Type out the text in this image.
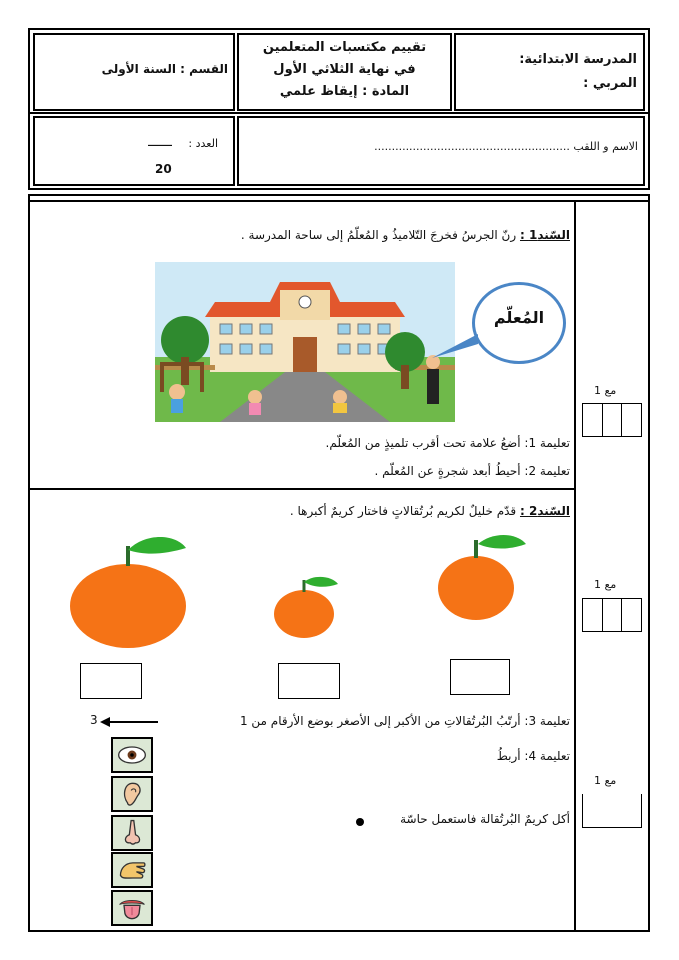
المدرسة الابتدائية:
المربي :
تقييم مكتسبات المتعلمين
في نهاية الثلاثي الأول
المادة : إيقاظ علمي
القسم : السنة الأولى
الاسم و اللقب ........................................................
العدد :
____
20
السّند1 : رنّ الجرسُ فخرجَ التّلاميذُ و المُعلّمُ إلى ساحة المدرسة .
المُعلّم
تعليمة 1: أضعُ علامة تحت أقرب تلميذٍ من المُعلّم.
تعليمة 2: أحيطُ أبعد شجرةٍ عن المُعلّم .
مع 1
السّند2 : قدّم خليلٌ لكريم بُرتُقالاتٍ فاختار كريمٌ أكبرها .
مع 1
تعليمة 3: أرتّبُ البُرتُقالاتِ من الأكبر إلى الأصغر بوضع الأرقام من 1
3
تعليمة 4: أربطُ
مع 1
أكل كريمٌ البُرتُقالة فاستعمل حاسّة
